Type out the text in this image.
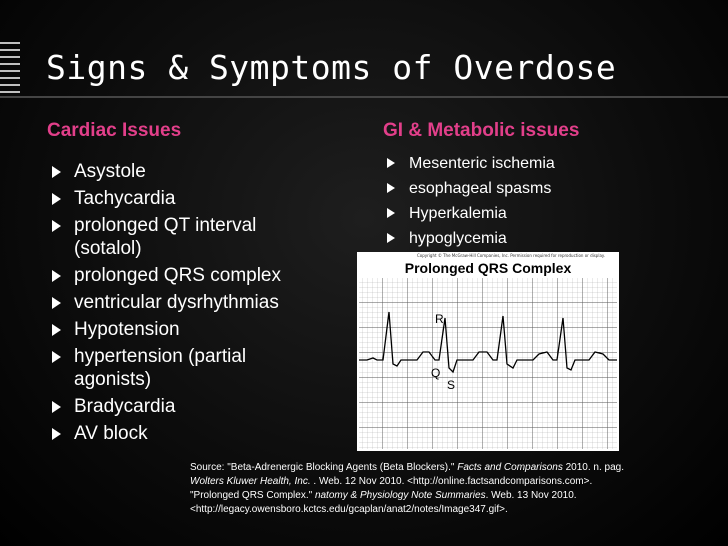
Signs & Symptoms of Overdose
Cardiac Issues	GI & Metabolic issues
Asystole
Tachycardia
prolonged QT interval (sotalol)
prolonged QRS complex
ventricular dysrhythmias
Hypotension
hypertension (partial agonists)
Bradycardia
AV block
Mesenteric ischemia
esophageal spasms
Hyperkalemia
hypoglycemia
Copyright © The McGraw-Hill Companies, Inc. Permission required for reproduction or display.
Prolonged QRS Complex
R
Q
S
Source: "Beta-Adrenergic Blocking Agents (Beta Blockers)." Facts and Comparisons 2010. n. pag.
Wolters Kluwer Health, Inc. . Web. 12 Nov 2010. <http://online.factsandcomparisons.com>.
"Prolonged QRS Complex." natomy & Physiology Note Summaries. Web. 13 Nov 2010.
<http://legacy.owensboro.kctcs.edu/gcaplan/anat2/notes/Image347.gif>.
